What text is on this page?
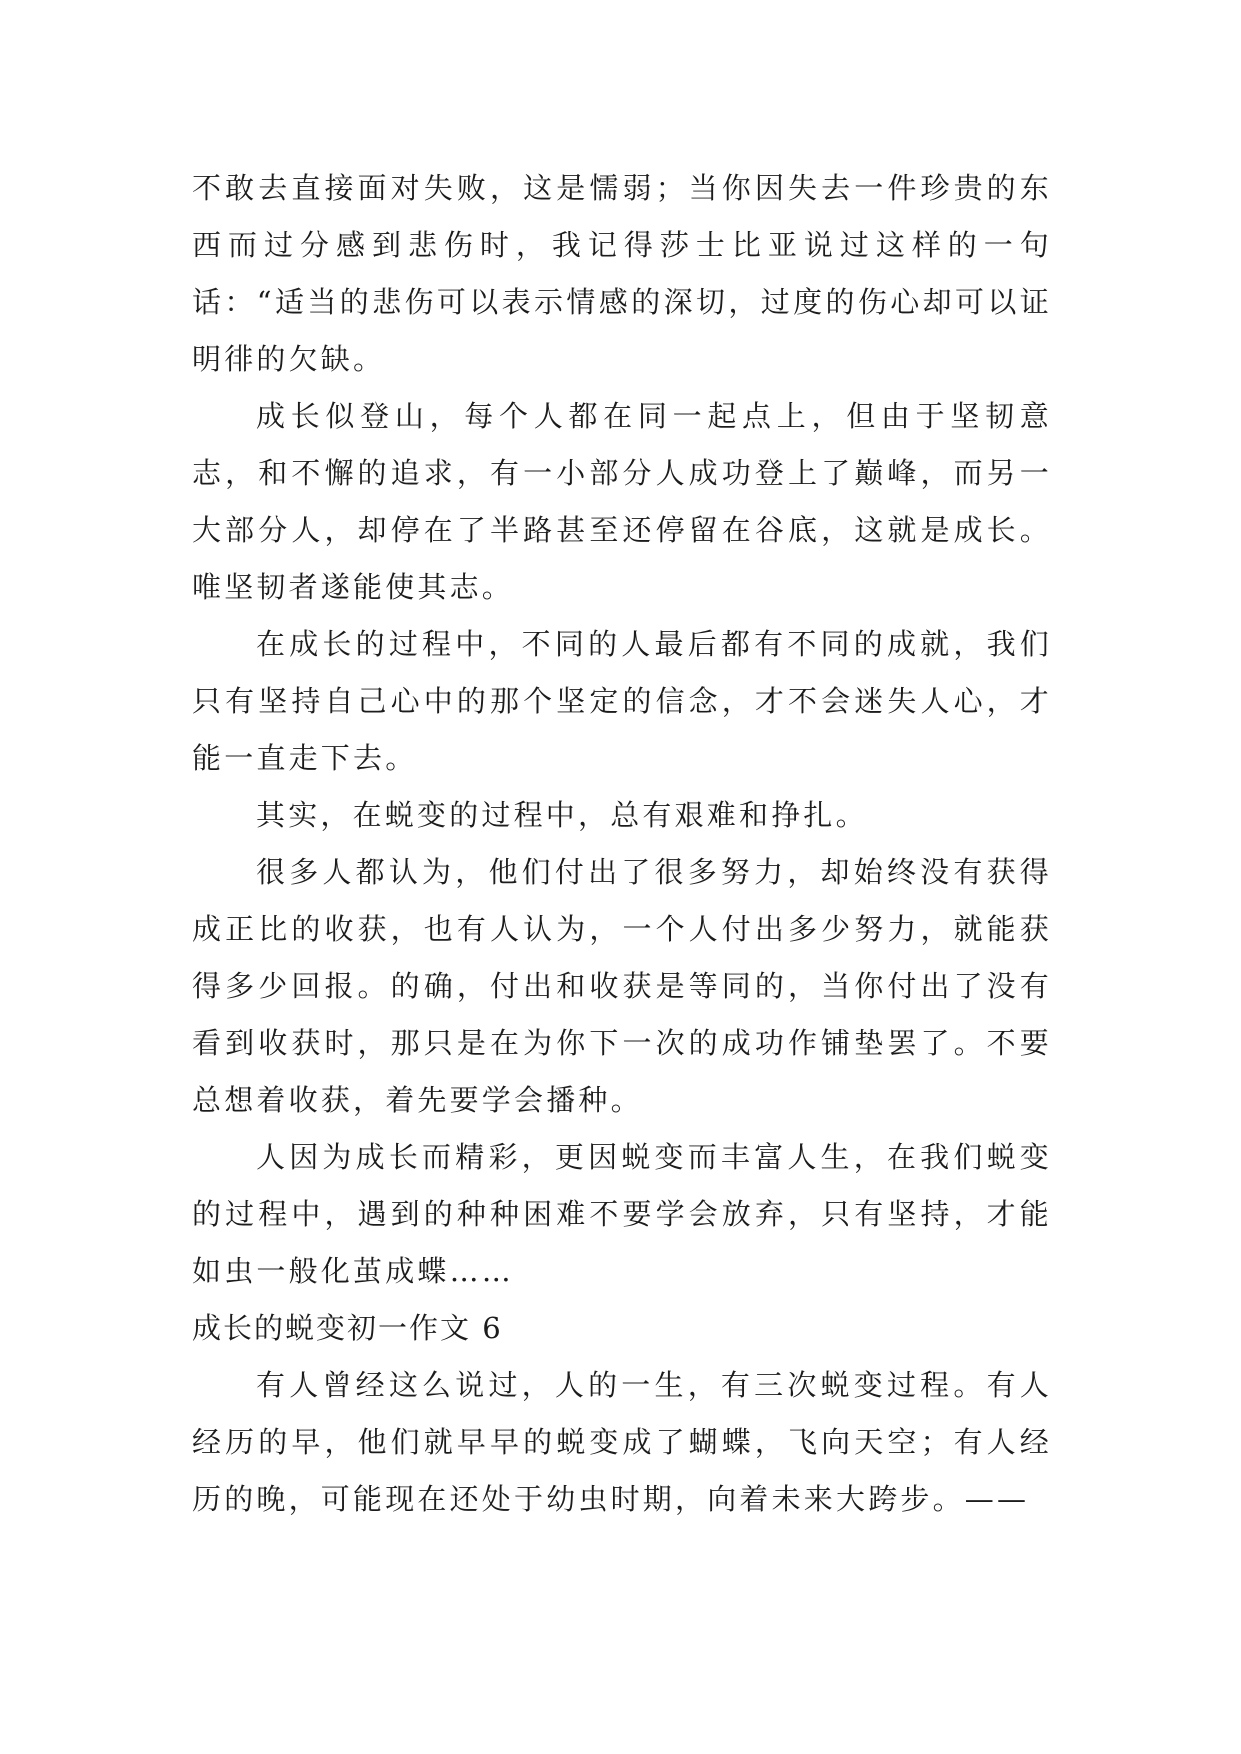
不敢去直接面对失败，这是懦弱；当你因失去一件珍贵的东西而过分感到悲伤时，我记得莎士比亚说过这样的一句话：“适当的悲伤可以表示情感的深切，过度的伤心却可以证明徘的欠缺。

成长似登山，每个人都在同一起点上，但由于坚韧意志，和不懈的追求，有一小部分人成功登上了巅峰，而另一大部分人，却停在了半路甚至还停留在谷底，这就是成长。唯坚韧者遂能使其志。

在成长的过程中，不同的人最后都有不同的成就，我们只有坚持自己心中的那个坚定的信念，才不会迷失人心，才能一直走下去。

其实，在蜕变的过程中，总有艰难和挣扎。

很多人都认为，他们付出了很多努力，却始终没有获得成正比的收获，也有人认为，一个人付出多少努力，就能获得多少回报。的确，付出和收获是等同的，当你付出了没有看到收获时，那只是在为你下一次的成功作铺垫罢了。不要总想着收获，着先要学会播种。

人因为成长而精彩，更因蜕变而丰富人生，在我们蜕变的过程中，遇到的种种困难不要学会放弃，只有坚持，才能如虫一般化茧成蝶……

成长的蜕变初一作文 6

有人曾经这么说过，人的一生，有三次蜕变过程。有人经历的早，他们就早早的蜕变成了蝴蝶，飞向天空；有人经历的晚，可能现在还处于幼虫时期，向着未来大跨步。——
